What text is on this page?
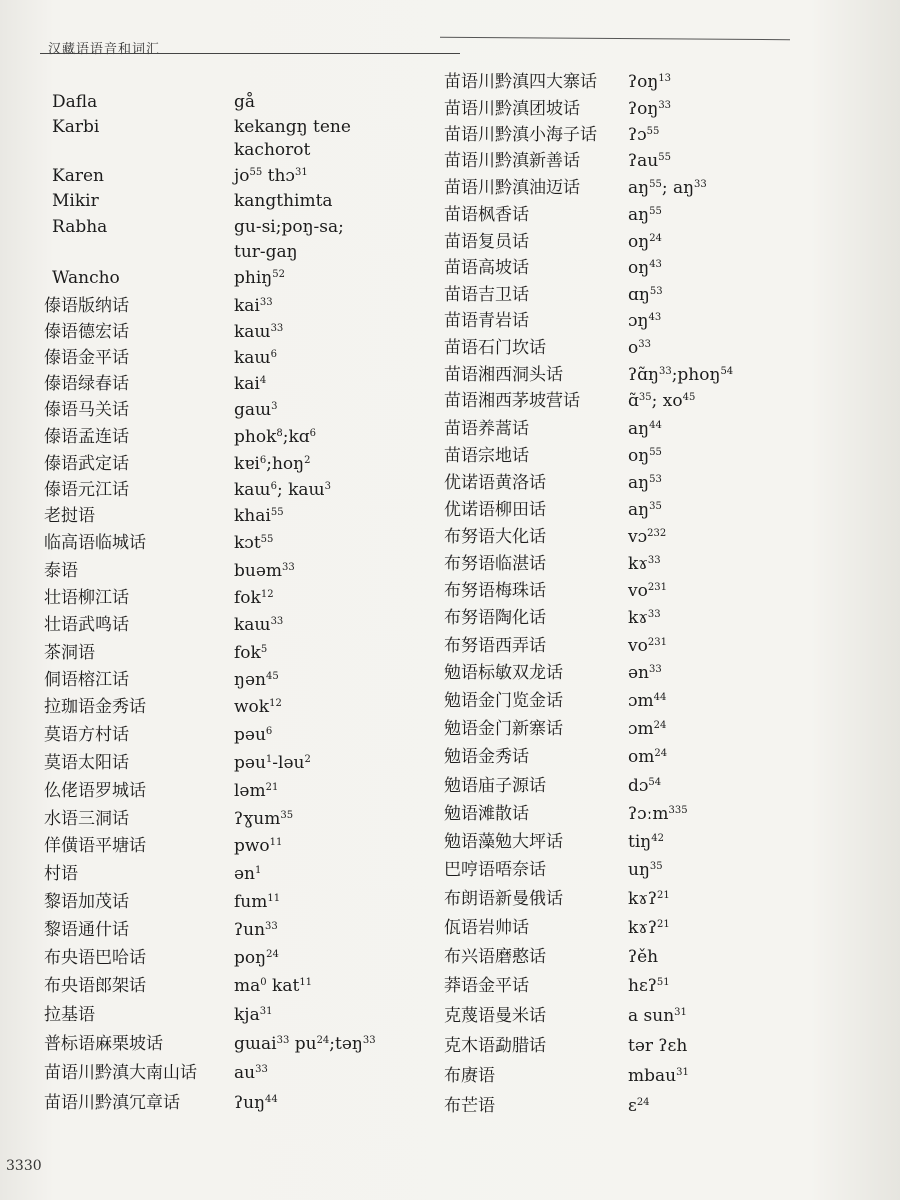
汉藏语语音和词汇
Dafla	gå
Karbi	kekangŋ tene
kachorot
Karen	$jo^{55}$ thɔ$^{31}$
Mikir	kangthimta
Rabha	gu-si;poŋ-sa;
tur-gaŋ
Wancho	phiŋ$^{52}$
傣语版纳话	kai$^{33}$
傣语德宏话	kaɯ$^{33}$
傣语金平话	kaɯ$^6$
傣语绿春话	kai$^4$
傣语马关话	gaɯ$^3$
傣语孟连话	phok$^8$;kɑ$^6$
傣语武定话	kɐi$^6$;hoŋ$^2$
傣语元江话	kaɯ$^6$; kaɯ$^3$
老挝语	khai$^{55}$
临高语临城话	kɔt$^{55}$
泰语	buəm$^{33}$
壮语柳江话	fok$^{12}$
壮语武鸣话	kaɯ$^{33}$
茶洞语	fok$^5$
侗语榕江话	ŋən$^{45}$
拉珈语金秀话	wok$^{12}$
莫语方村话	pəu$^6$
莫语太阳话	pəu$^1$-ləu$^2$
仫佬语罗城话	ləm$^{21}$
水语三洞话	ʔɣum$^{35}$
佯僙语平塘话	pwo$^{11}$
村语	ən$^1$
黎语加茂话	fum$^{11}$
黎语通什话	ʔun$^{33}$
布央语巴哈话	poŋ$^{24}$
布央语郎架话	$ma^0$ kat$^{11}$
拉基语	kja$^{31}$
普标语麻栗坡话	gɯai$^{33}$ $pu^{24};təŋ^{33}$
苗语川黔滇大南山话 $au^{33}$
苗语川黔滇冗章话	ʔuŋ$^{44}$
苗语川黔滇四大寨话 ʔoŋ$^{13}$
苗语川黔滇团坡话	ʔoŋ$^{33}$
苗语川黔滇小海子话 ʔɔ$^{55}$
苗语川黔滇新善话	ʔau$^{55}$
苗语川黔滇油迈话	$aŋ^{55}$; $aŋ^{33}$
苗语枫香话	$aŋ^{55}$
苗语复员话	$oŋ^{24}$
苗语高坡话	$oŋ^{43}$
苗语吉卫话	ɑŋ$^{53}$
苗语青岩话	ɔŋ$^{43}$
苗语石门坎话	$o^{33}$
苗语湘西洞头话	$ʔɑ̃ŋ^{33};phoŋ^{54}$
苗语湘西茅坡营话	ɑ̃$^{35}$; $xo^{45}$
苗语养蒿话	$aŋ^{44}$
苗语宗地话	$oŋ^{55}$
优诺语黄洛话	$aŋ^{53}$
优诺语柳田话	$aŋ^{35}$
布努语大化话	vɔ$^{232}$
布努语临湛话	kɤ$^{33}$
布努语梅珠话	$vo^{231}$
布努语陶化话	kɤ$^{33}$
布努语西弄话	$vo^{231}$
勉语标敏双龙话	ən$^{33}$
勉语金门览金话	ɔm$^{44}$
勉语金门新寨话	ɔm$^{24}$
勉语金秀话	$om^{24}$
勉语庙子源话	dɔ$^{54}$
勉语滩散话	ʔɔːm$^{335}$
勉语藻勉大坪话	tiŋ$^{42}$
巴哼语唔奈话	$uŋ^{35}$
布朗语新曼俄话	kɤʔ$^{21}$
佤语岩帅话	kɤʔ$^{21}$
布兴语磨憨话	ʔěh
莽语金平话	hɛʔ$^{51}$
克蔑语曼米话	a sun$^{31}$
克木语勐腊话	tər ʔɛh
布赓语	mbau$^{31}$
布芒语	ɛ$^{24}$
3330
